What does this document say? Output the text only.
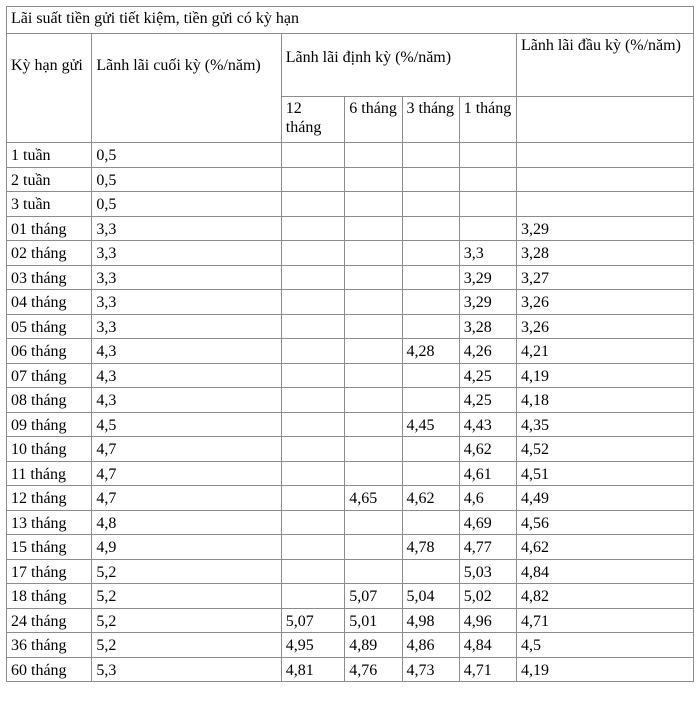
Lãi suất tiền gửi tiết kiệm, tiền gửi có kỳ hạn						
Kỳ hạn gửi	Lãnh lãi cuối kỳ (%/năm)	Lãnh lãi định kỳ (%/năm)				Lãnh lãi đầu kỳ (%/năm)
		12 tháng	6 tháng	3 tháng	1 tháng	
1 tuần	0,5					
2 tuần	0,5					
3 tuần	0,5					
01 tháng	3,3					3,29
02 tháng	3,3				3,3	3,28
03 tháng	3,3				3,29	3,27
04 tháng	3,3				3,29	3,26
05 tháng	3,3				3,28	3,26
06 tháng	4,3			4,28	4,26	4,21
07 tháng	4,3				4,25	4,19
08 tháng	4,3				4,25	4,18
09 tháng	4,5			4,45	4,43	4,35
10 tháng	4,7				4,62	4,52
11 tháng	4,7				4,61	4,51
12 tháng	4,7		4,65	4,62	4,6	4,49
13 tháng	4,8				4,69	4,56
15 tháng	4,9			4,78	4,77	4,62
17 tháng	5,2				5,03	4,84
18 tháng	5,2		5,07	5,04	5,02	4,82
24 tháng	5,2	5,07	5,01	4,98	4,96	4,71
36 tháng	5,2	4,95	4,89	4,86	4,84	4,5
60 tháng	5,3	4,81	4,76	4,73	4,71	4,19
